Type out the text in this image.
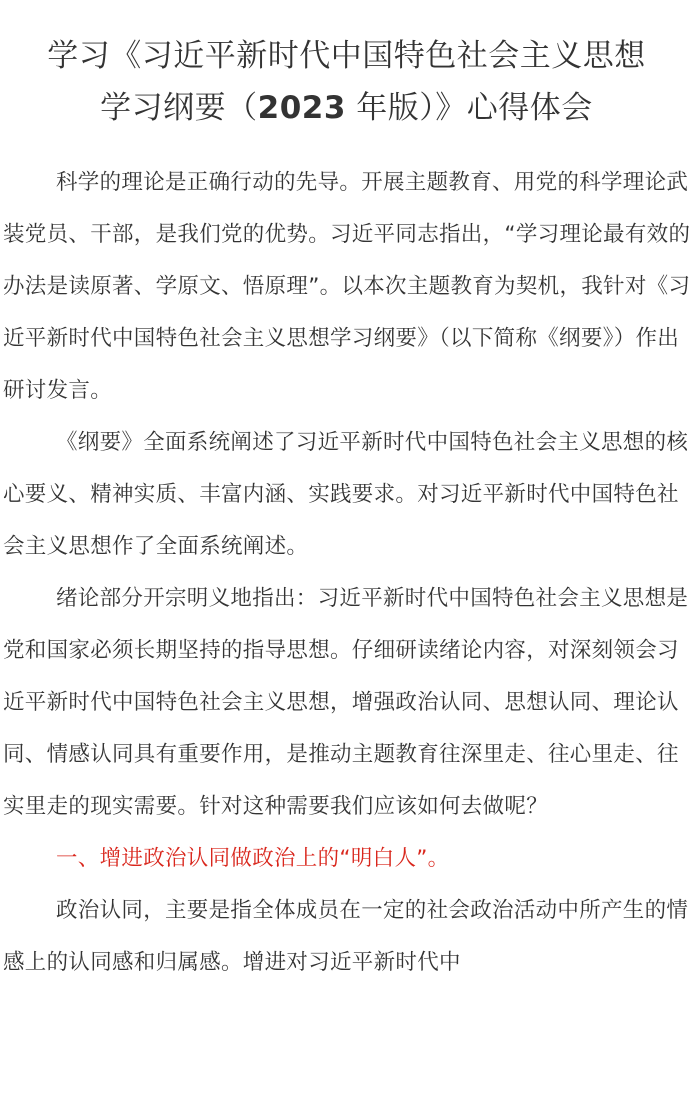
学习《习近平新时代中国特色社会主义思想
学习纲要（2023 年版）》心得体会

科学的理论是正确行动的先导。开展主题教育、用党的科学理论武装党员、干部，是我们党的优势。习近平同志指出，“学习理论最有效的办法是读原著、学原文、悟原理”。以本次主题教育为契机，我针对《习近平新时代中国特色社会主义思想学习纲要》（以下简称《纲要》）作出研讨发言。

《纲要》全面系统阐述了习近平新时代中国特色社会主义思想的核心要义、精神实质、丰富内涵、实践要求。对习近平新时代中国特色社会主义思想作了全面系统阐述。

绪论部分开宗明义地指出：习近平新时代中国特色社会主义思想是党和国家必须长期坚持的指导思想。仔细研读绪论内容，对深刻领会习近平新时代中国特色社会主义思想，增强政治认同、思想认同、理论认同、情感认同具有重要作用，是推动主题教育往深里走、往心里走、往实里走的现实需要。针对这种需要我们应该如何去做呢？

一、增进政治认同做政治上的“明白人”。

政治认同，主要是指全体成员在一定的社会政治活动中所产生的情感上的认同感和归属感。增进对习近平新时代中
